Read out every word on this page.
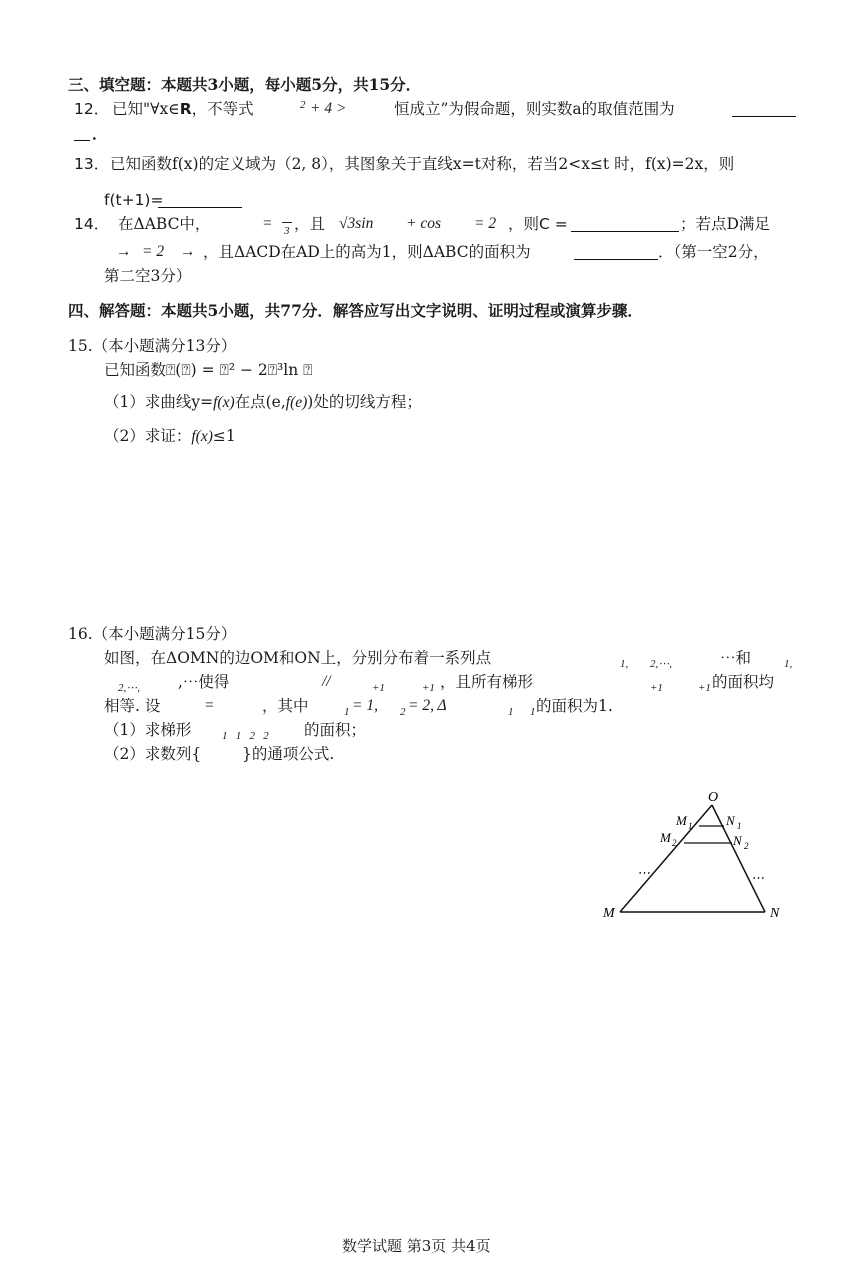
三、填空题：本题共3小题，每小题5分，共15分．
12． 已知"∀x∈R，不等式	2 + 4 >	恒成立”为假命题，则实数a的取值范围为
．
13． 已知函数f(x)的定义域为（2, 8），其图象关于直线x=t对称，若当2<x≤t 时，f(x)=2x，则
f(t+1)=
14． 在ΔABC中，	= 3 ，且 √3sin + cos = 2 ，则C =	；若点D满足
→ = 2 → ，且ΔACD在AD上的高为1，则ΔABC的面积为	．（第一空2分，
第二空3分）
四、解答题：本题共5小题，共77分．解答应写出文字说明、证明过程或演算步骤．
15.（本小题满分13分）
已知函数⍰(⍰) = ⍰² − 2⍰³ln ⍰
（1）求曲线y=f(x)在点(e,f(e))处的切线方程；
（2）求证：f(x)≤1
16.（本小题满分15分）
如图，在ΔOMN的边OM和ON上，分别分布着一系列点	1, 2,⋯,	⋯和	1,
2,⋯, ,⋯使得	//	+1	+1 ，且所有梯形	+1	+1 的面积均
相等. 设	=	，其中	1 = 1, 2 = 2, Δ	1 1 的面积为1.
（1）求梯形	1   1   2   2 的面积；
（2）求数列{	}的通项公式.
O
M 1	N 1
M 2	N 2
⋯	⋯
M	N
数学试题 第3页 共4页
